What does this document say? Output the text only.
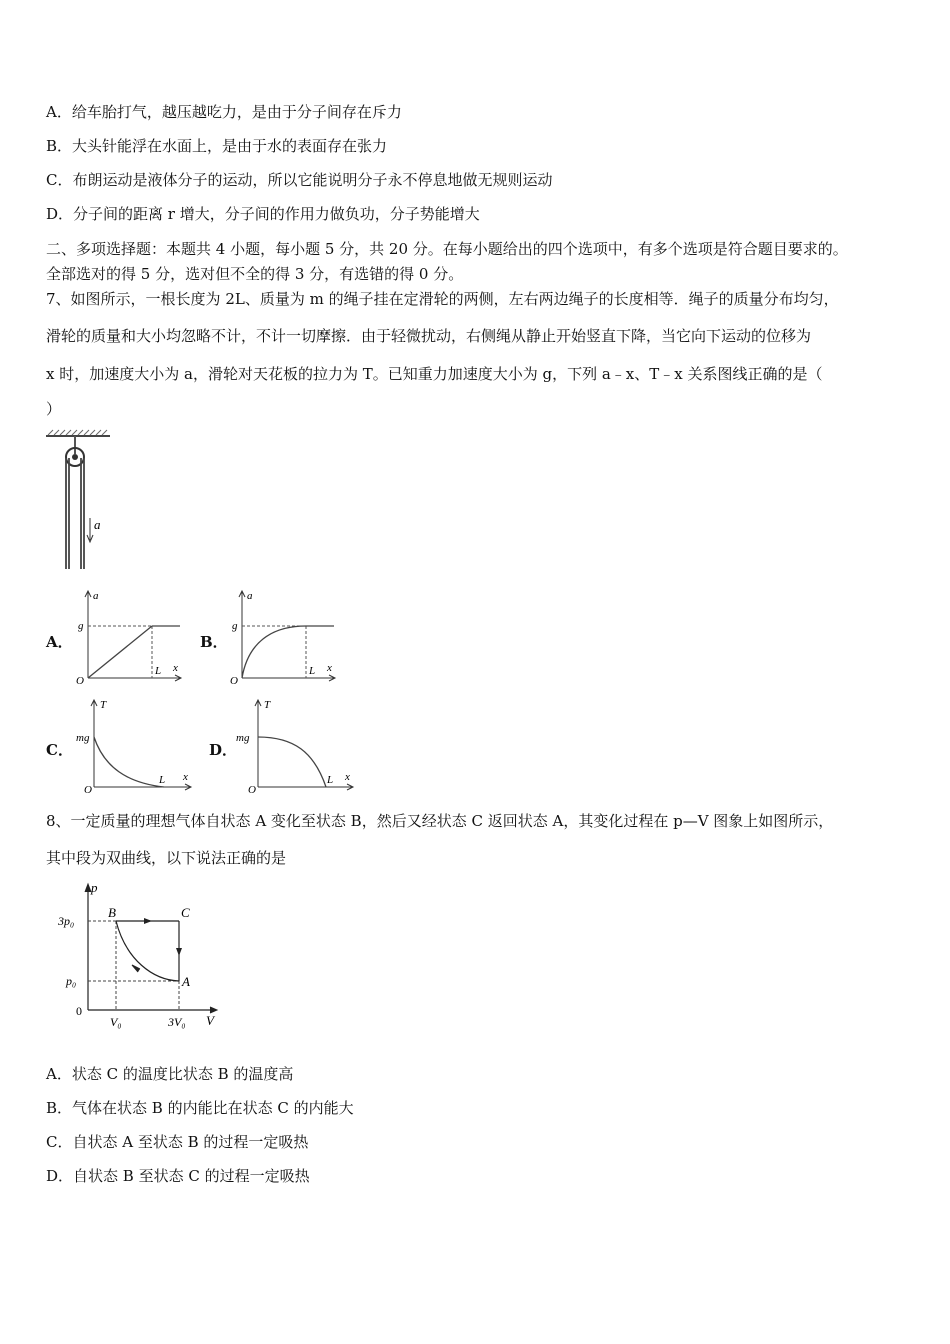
A．给车胎打气，越压越吃力，是由于分子间存在斥力
B．大头针能浮在水面上，是由于水的表面存在张力
C．布朗运动是液体分子的运动，所以它能说明分子永不停息地做无规则运动
D．分子间的距离 r 增大，分子间的作用力做负功，分子势能增大
二、多项选择题：本题共 4 小题，每小题 5 分，共 20 分。在每小题给出的四个选项中，有多个选项是符合题目要求的。
全部选对的得 5 分，选对但不全的得 3 分，有选错的得 0 分。
7、如图所示，一根长度为 2L、质量为 m 的绳子挂在定滑轮的两侧，左右两边绳子的长度相等．绳子的质量分布均匀，
滑轮的质量和大小均忽略不计，不计一切摩擦．由于轻微扰动，右侧绳从静止开始竖直下降，当它向下运动的位移为
x 时，加速度大小为 a，滑轮对天花板的拉力为 T。已知重力加速度大小为 g，下列 a﹣x、T﹣x 关系图线正确的是（
）
a
A．
a
g
O
L x
B．
a
g
O
L x
C．
T
mg
O
L x
D．
T
mg
O
L x
8、一定质量的理想气体自状态 A 变化至状态 B，然后又经状态 C 返回状态 A，其变化过程在 p—V 图象上如图所示，
其中段为双曲线，以下说法正确的是
p
V
0
3p₀
p₀
V₀	3V₀
B	C
A
A．状态 C 的温度比状态 B 的温度高
B．气体在状态 B 的内能比在状态 C 的内能大
C．自状态 A 至状态 B 的过程一定吸热
D．自状态 B 至状态 C 的过程一定吸热
